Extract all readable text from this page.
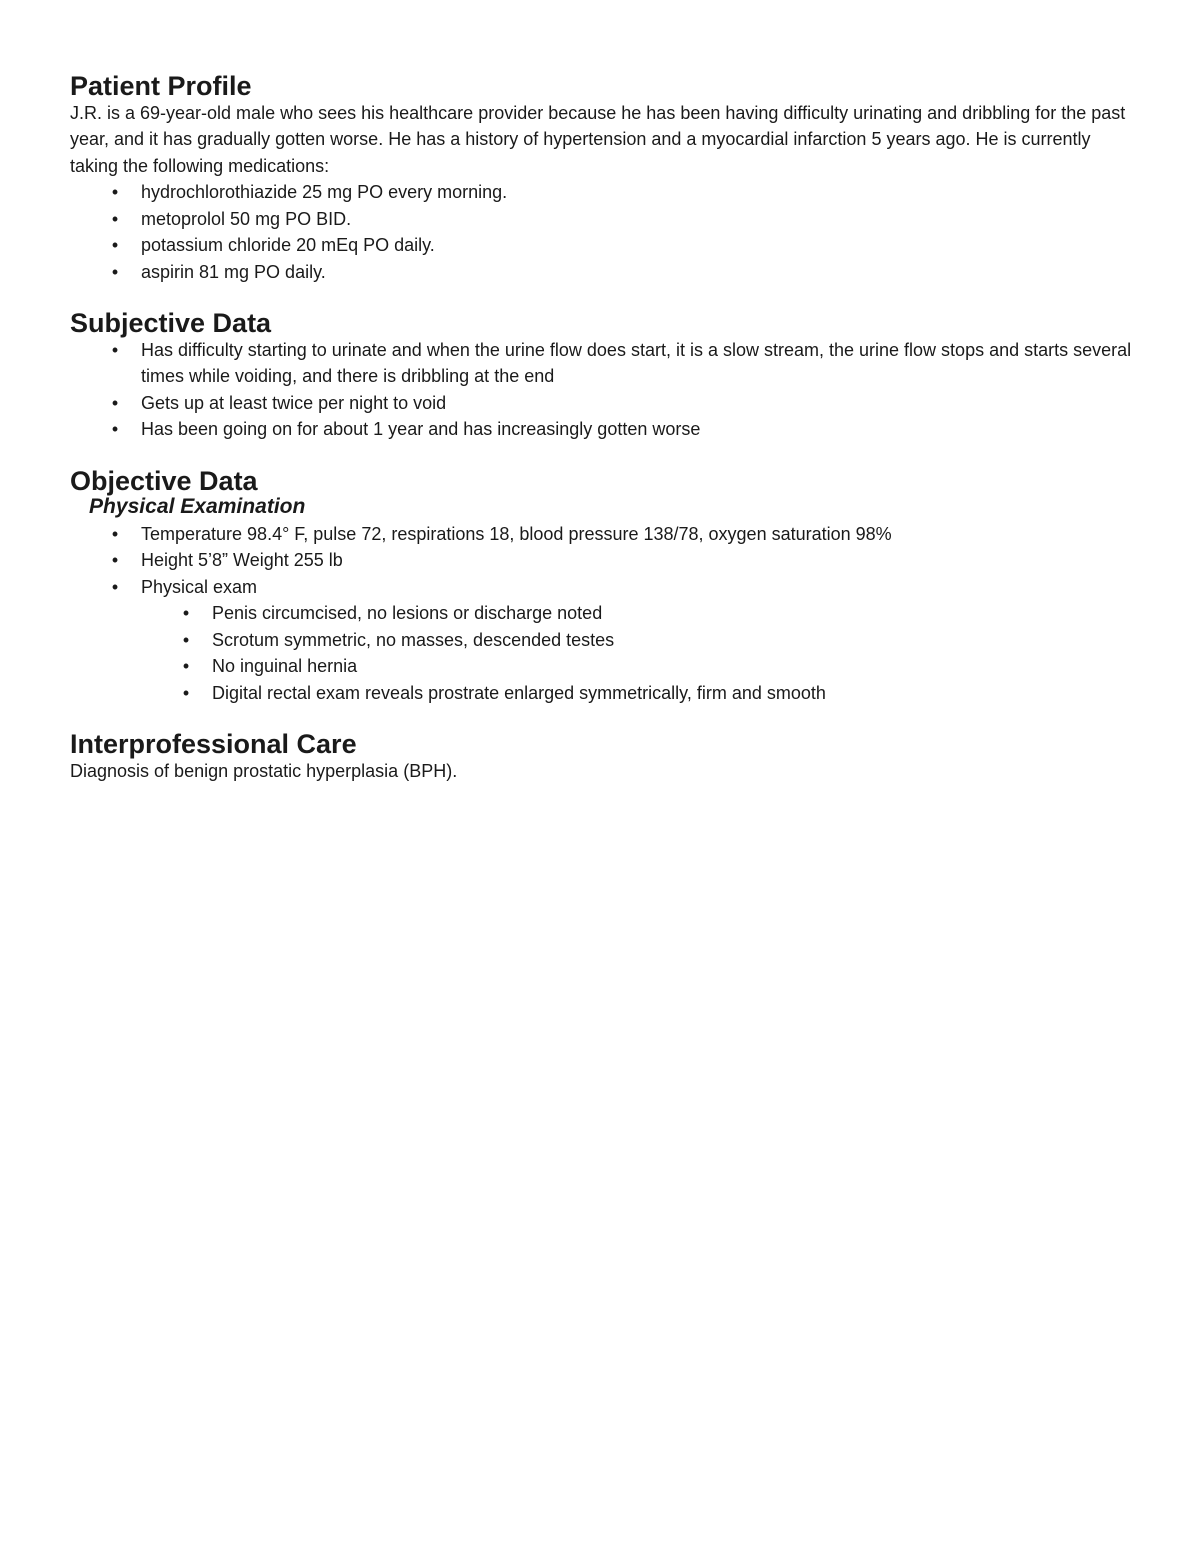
Patient Profile

J.R. is a 69-year-old male who sees his healthcare provider because he has been having difficulty urinating and dribbling for the past year, and it has gradually gotten worse. He has a history of hypertension and a myocardial infarction 5 years ago. He is currently taking the following medications:

•	hydrochlorothiazide 25 mg PO every morning.
•	metoprolol 50 mg PO BID.
•	potassium chloride 20 mEq PO daily.
•	aspirin 81 mg PO daily.
Subjective Data
•	Has difficulty starting to urinate and when the urine flow does start, it is a slow stream, the urine flow stops and starts several times while voiding, and there is dribbling at the end
•	Gets up at least twice per night to void
•	Has been going on for about 1 year and has increasingly gotten worse
Objective Data
Physical Examination
•	Temperature 98.4° F, pulse 72, respirations 18, blood pressure 138/78, oxygen saturation 98%
•	Height 5’8” Weight 255 lb
•	Physical exam
•	Penis circumcised, no lesions or discharge noted
•	Scrotum symmetric, no masses, descended testes
•	No inguinal hernia
•	Digital rectal exam reveals prostrate enlarged symmetrically, firm and smooth
Interprofessional Care

Diagnosis of benign prostatic hyperplasia (BPH).
